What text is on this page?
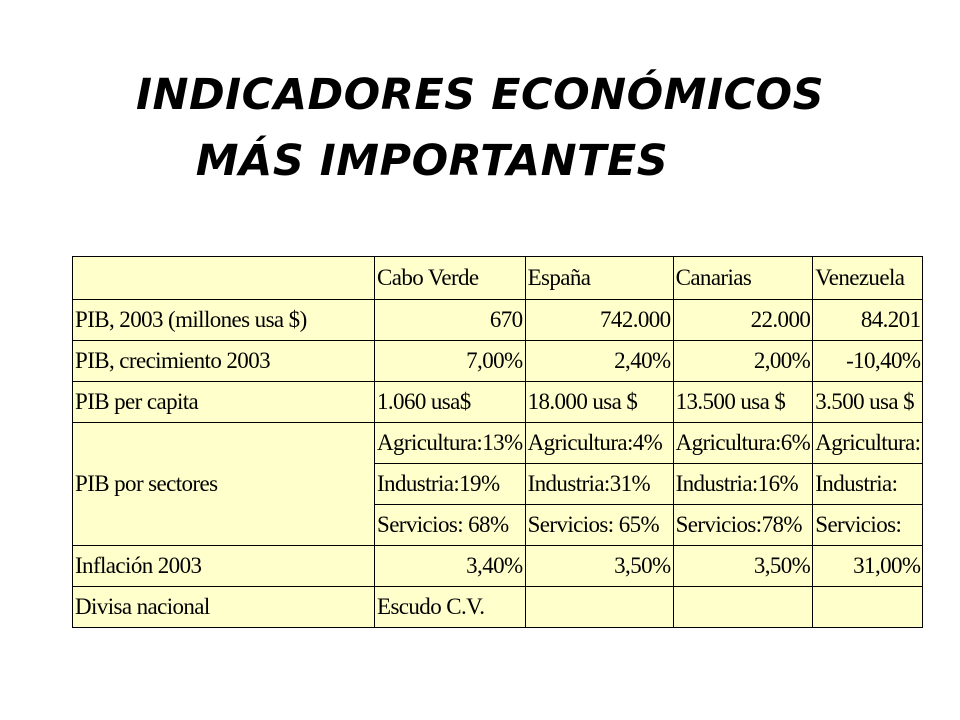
INDICADORES ECONÓMICOS
MÁS IMPORTANTES
	Cabo Verde	España	Canarias	Venezuela
PIB, 2003 (millones usa $)	670	742.000	22.000	84.201
PIB, crecimiento 2003	7,00%	2,40%	2,00%	-10,40%
PIB per capita	1.060 usa$	18.000 usa $	13.500 usa $	3.500 usa $
PIB por sectores	Agricultura:13%	Agricultura:4%	Agricultura:6%	Agricultura:
	Industria:19%	Industria:31%	Industria:16%	Industria:
	Servicios: 68%	Servicios: 65%	Servicios:78%	Servicios:
Inflación 2003	3,40%	3,50%	3,50%	31,00%
Divisa nacional	Escudo C.V.			
